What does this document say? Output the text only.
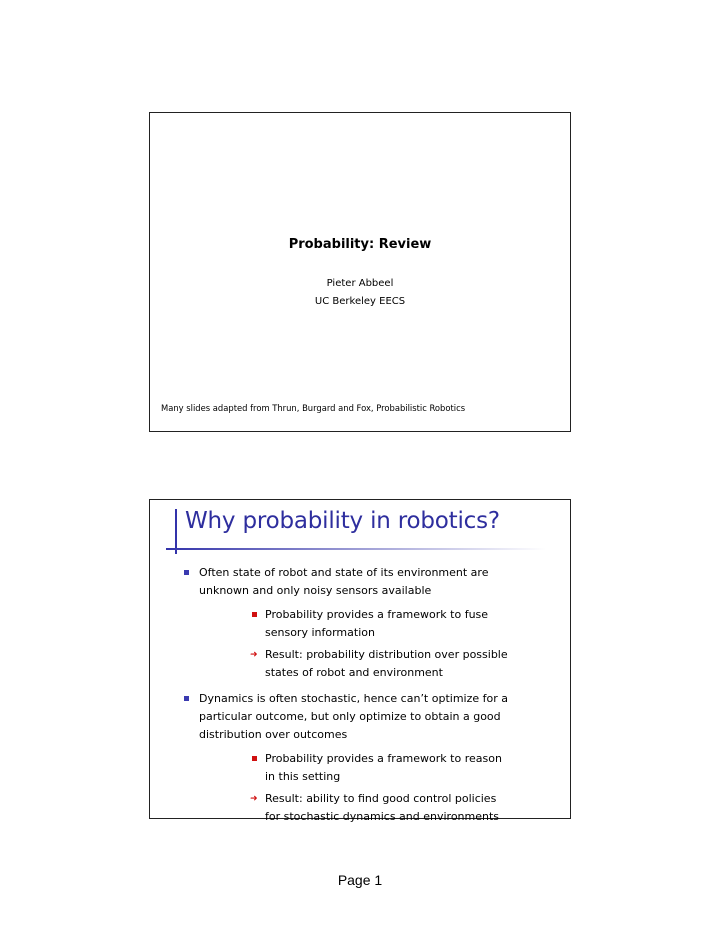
Probability: Review
Pieter Abbeel
UC Berkeley EECS
Many slides adapted from Thrun, Burgard and Fox, Probabilistic Robotics
Why probability in robotics?
Often state of robot and state of its environment are unknown and only noisy sensors available
Probability provides a framework to fuse sensory information
➜ Result: probability distribution over possible states of robot and environment
Dynamics is often stochastic, hence can’t optimize for a particular outcome, but only optimize to obtain a good distribution over outcomes
Probability provides a framework to reason in this setting
➜ Result: ability to find good control policies for stochastic dynamics and environments
Page 1
